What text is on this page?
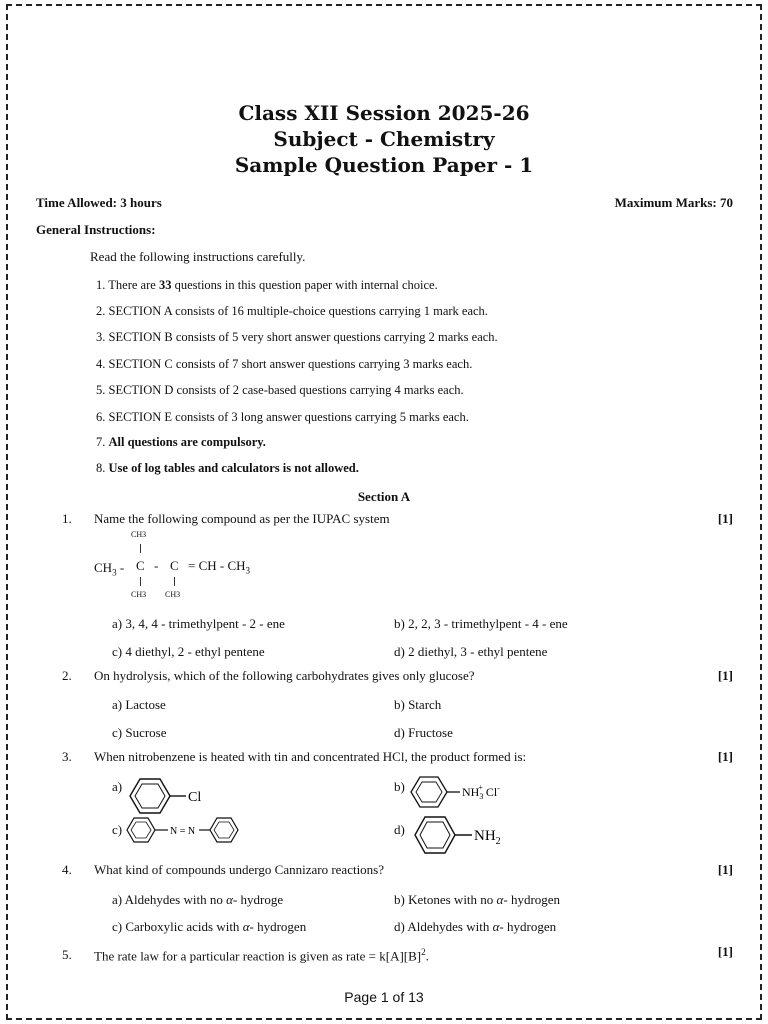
Class XII Session 2025-26
Subject - Chemistry
Sample Question Paper - 1
Time Allowed: 3 hours	Maximum Marks: 70
General Instructions:
Read the following instructions carefully.
1. There are 33 questions in this question paper with internal choice.
2. SECTION A consists of 16 multiple-choice questions carrying 1 mark each.
3. SECTION B consists of 5 very short answer questions carrying 2 marks each.
4. SECTION C consists of 7 short answer questions carrying 3 marks each.
5. SECTION D consists of 2 case-based questions carrying 4 marks each.
6. SECTION E consists of 3 long answer questions carrying 5 marks each.
7. All questions are compulsory.
8. Use of log tables and calculators is not allowed.
Section A
1. Name the following compound as per the IUPAC system	[1]
CH3
$CH_3$ - C - C = CH - $CH_3$
CH3 CH3
a) 3, 4, 4 - trimethylpent - 2 - ene	b) 2, 2, 3 - trimethylpent - 4 - ene
c) 4 diethyl, 2 - ethyl pentene	d) 2 diethyl, 3 - ethyl pentene
2. On hydrolysis, which of the following carbohydrates gives only glucose?	[1]
a) Lactose	b) Starch
c) Sucrose	d) Fructose
3. When nitrobenzene is heated with tin and concentrated HCl, the product formed is:	[1]
a)
Cl
b)	$NH_3+ Cl^-$
c)	N = N	d)	$NH_2$
4. What kind of compounds undergo Cannizaro reactions?	[1]
a) Aldehydes with no α- hydroge	b) Ketones with no α- hydrogen
c) Carboxylic acids with α- hydrogen	d) Aldehydes with α- hydrogen
5. The rate law for a particular reaction is given as rate = $k[A][B]^2$.	[1]
Page 1 of 13
